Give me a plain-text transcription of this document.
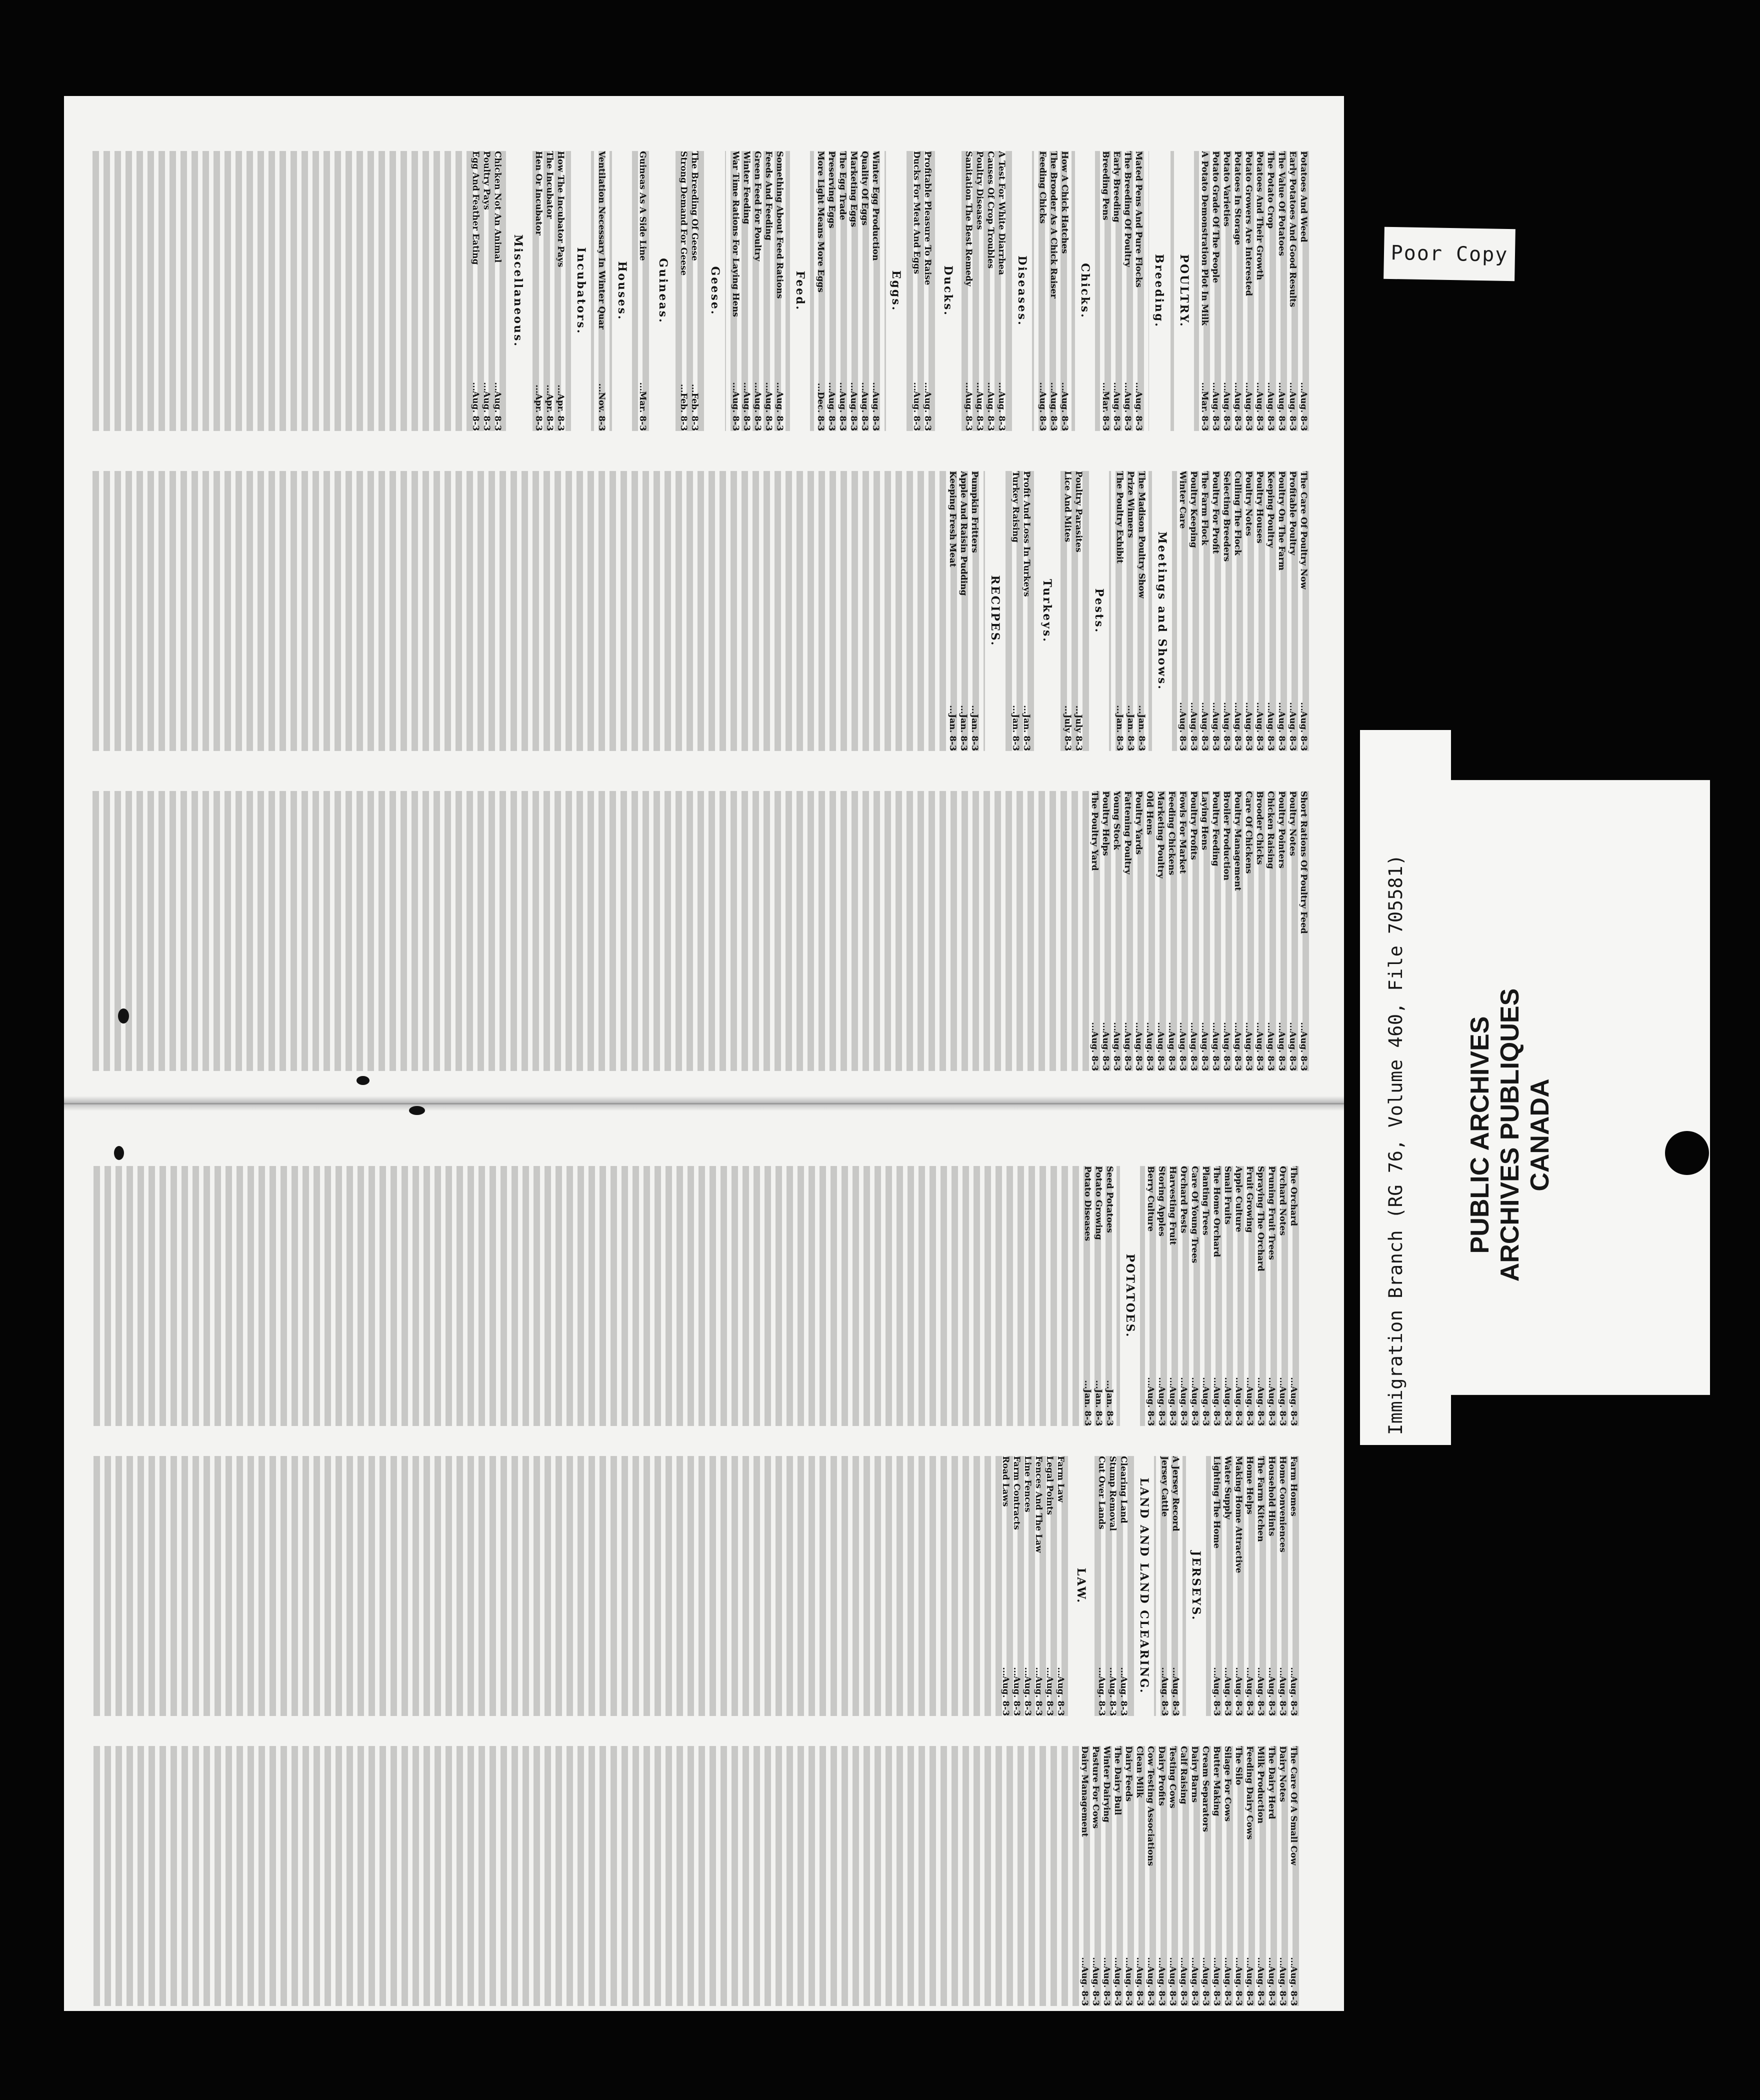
Potatoes And Weed
...Aug. 8-3
Early Potatoes And Good Results
...Aug. 8-3
The Value Of Potatoes
...Aug. 8-3
The Potato Crop
...Aug. 8-3
Potatoes And Their Growth
...Aug. 8-3
Potato Growers Are Interested
...Aug. 8-3
Potatoes In Storage
...Aug. 8-3
Potato Varieties
...Aug. 8-3
Potato Grade Of The People
...Aug. 8-3
A Potato Demonstration Plot In Milk
...Mar. 8-3
POULTRY.
Breeding.
Mated Pens And Pure Flocks
...Aug. 8-3
The Breeding Of Poultry
...Aug. 8-3
Early Breeding
...Aug. 8-3
Breeding Pens
...Mar. 8-3
Chicks.
How A Chick Hatches
...Aug. 8-3
The Brooder As A Chick Raiser
...Aug. 8-3
Feeding Chicks
...Aug. 8-3
Diseases.
A Test For White Diarrhea
...Aug. 8-3
Causes Of Crop Troubles
...Aug. 8-3
Poultry Diseases
...Aug. 8-3
Sanitation The Best Remedy
...Aug. 8-3
Ducks.
Profitable Pleasure To Raise
...Aug. 8-3
Ducks For Meat And Eggs
...Aug. 8-3
Eggs.
Winter Egg Production
...Aug. 8-3
Quality Of Eggs
...Aug. 8-3
Marketing Eggs
...Aug. 8-3
The Egg Trade
...Aug. 8-3
Preserving Eggs
...Aug. 8-3
More Light Means More Eggs
...Dec. 8-3
Feed.
Something About Feed Rations
...Aug. 8-3
Feeds And Feeding
...Aug. 8-3
Green Feed For Poultry
...Aug. 8-3
Winter Feeding
...Aug. 8-3
War Time Rations For Laying Hens
...Aug. 8-3
Geese.
The Breeding Of Geese
...Feb. 8-3
Strong Demand For Geese
...Feb. 8-3
Guineas.
Guineas As A Side Line
...Mar. 8-3
Houses.
Ventilation Necessary In Winter Quar
...Nov. 8-3
Incubators.
How The Incubator Pays
...Apr. 8-3
The Incubator
...Apr. 8-3
Hen Or Incubator
...Apr. 8-3
Miscellaneous.
Chicken Not An Animal
...Aug. 8-3
Poultry Pays
...Aug. 8-3
Egg And Feather Eating
...Aug. 8-3
The Care Of Poultry Now
...Aug. 8-3
Profitable Poultry
...Aug. 8-3
Poultry On The Farm
...Aug. 8-3
Keeping Poultry
...Aug. 8-3
Poultry Houses
...Aug. 8-3
Poultry Notes
...Aug. 8-3
Culling The Flock
...Aug. 8-3
Selecting Breeders
...Aug. 8-3
Poultry For Profit
...Aug. 8-3
The Farm Flock
...Aug. 8-3
Poultry Keeping
...Aug. 8-3
Winter Care
...Aug. 8-3
Meetings and Shows.
The Madison Poultry Show
...Jan. 8-3
Prize Winners
...Jan. 8-3
The Poultry Exhibit
...Jan. 8-3
Pests.
Poultry Parasites
...July 8-3
Lice And Mites
...July 8-3
Turkeys.
Profit And Loss In Turkeys
...Jan. 8-3
Turkey Raising
...Jan. 8-3
RECIPES.
Pumpkin Fritters
...Jan. 8-3
Apple And Raisin Pudding
...Jan. 8-3
Keeping Fresh Meat
...Jan. 8-3
Short Rations Of Poultry Feed
...Aug. 8-3
Poultry Notes
...Aug. 8-3
Poultry Pointers
...Aug. 8-3
Chicken Raising
...Aug. 8-3
Brooder Chicks
...Aug. 8-3
Care Of Chickens
...Aug. 8-3
Poultry Management
...Aug. 8-3
Broiler Production
...Aug. 8-3
Poultry Feeding
...Aug. 8-3
Laying Hens
...Aug. 8-3
Poultry Profits
...Aug. 8-3
Fowls For Market
...Aug. 8-3
Feeding Chickens
...Aug. 8-3
Marketing Poultry
...Aug. 8-3
Old Hens
...Aug. 8-3
Poultry Yards
...Aug. 8-3
Fattening Poultry
...Aug. 8-3
Young Stock
...Aug. 8-3
Poultry Helps
...Aug. 8-3
The Poultry Yard
...Aug. 8-3
The Orchard
...Aug. 8-3
Orchard Notes
...Aug. 8-3
Pruning Fruit Trees
...Aug. 8-3
Spraying The Orchard
...Aug. 8-3
Fruit Growing
...Aug. 8-3
Apple Culture
...Aug. 8-3
Small Fruits
...Aug. 8-3
The Home Orchard
...Aug. 8-3
Planting Trees
...Aug. 8-3
Care Of Young Trees
...Aug. 8-3
Orchard Pests
...Aug. 8-3
Harvesting Fruit
...Aug. 8-3
Storing Apples
...Aug. 8-3
Berry Culture
...Aug. 8-3
POTATOES.
Seed Potatoes
...Jan. 8-3
Potato Growing
...Jan. 8-3
Potato Diseases
...Jan. 8-3
Farm Homes
...Aug. 8-3
Home Conveniences
...Aug. 8-3
Household Hints
...Aug. 8-3
The Farm Kitchen
...Aug. 8-3
Home Helps
...Aug. 8-3
Making Home Attractive
...Aug. 8-3
Water Supply
...Aug. 8-3
Lighting The Home
...Aug. 8-3
JERSEYS.
A Jersey Record
...Aug. 8-3
Jersey Cattle
...Aug. 8-3
LAND AND LAND CLEARING.
Clearing Land
...Aug. 8-3
Stump Removal
...Aug. 8-3
Cut Over Lands
...Aug. 8-3
LAW.
Farm Law
...Aug. 8-3
Legal Points
...Aug. 8-3
Fences And The Law
...Aug. 8-3
Line Fences
...Aug. 8-3
Farm Contracts
...Aug. 8-3
Road Laws
...Aug. 8-3
The Care Of A Small Cow
...Aug. 8-3
Dairy Notes
...Aug. 8-3
The Dairy Herd
...Aug. 8-3
Milk Production
...Aug. 8-3
Feeding Dairy Cows
...Aug. 8-3
The Silo
...Aug. 8-3
Silage For Cows
...Aug. 8-3
Butter Making
...Aug. 8-3
Cream Separators
...Aug. 8-3
Dairy Barns
...Aug. 8-3
Calf Raising
...Aug. 8-3
Testing Cows
...Aug. 8-3
Dairy Profits
...Aug. 8-3
Cow Testing Associations
...Aug. 8-3
Clean Milk
...Aug. 8-3
Dairy Feeds
...Aug. 8-3
The Dairy Bull
...Aug. 8-3
Winter Dairying
...Aug. 8-3
Pasture For Cows
...Aug. 8-3
Dairy Management
...Aug. 8-3
Poor Copy
Immigration Branch (RG 76, Volume 460, File 705581) PUBLIC ARCHIVES ARCHIVES PUBLIQUES CANADA
